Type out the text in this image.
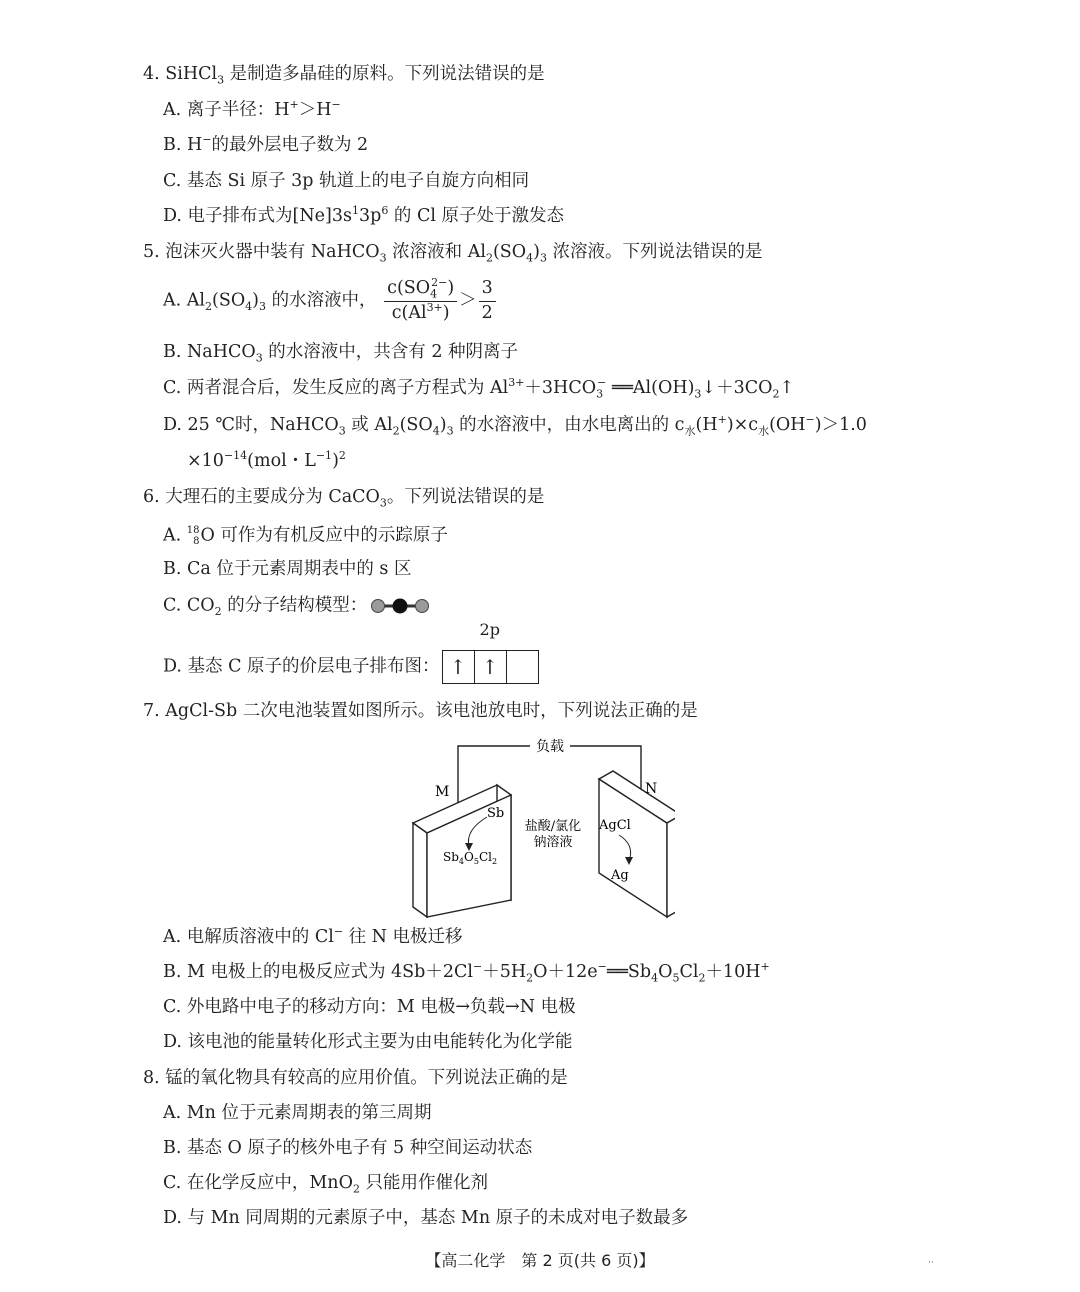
4. SiHCl$_3$ 是制造多晶硅的原料。下列说法错误的是
A. 离子半径：H+＞H−
B. H−的最外层电子数为 2
C. 基态 Si 原子 3p 轨道上的电子自旋方向相同
D. 电子排布式为$[Ne]3s^13p^6$ 的 Cl 原子处于激发态
5. 泡沫灭火器中装有 NaHCO$_3$ 浓溶液和 $Al_2(SO_4)_3$ 浓溶液。下列说法错误的是
A. $Al_2(SO_4)_3$ 的水溶液中， $\frac{c(SO_4^{2-})}{c(Al^{3+})} > \frac{3}{2}$
B. NaHCO$_3$ 的水溶液中，共含有 2 种阴离子
C. 两者混合后，发生反应的离子方程式为 $Al^{3+}+3HCO_3^-$ $══Al(OH)_3↓+3CO_2↑$
D. 25 ℃时，NaHCO$_3$ 或 $Al_2(SO_4)_3$ 的水溶液中，由水电离出的 $c_水(H^+)\times c_水(OH^-)>1.0$
$\times 10^{-14}(mol$・$L^{-1})^2$
6. 大理石的主要成分为 CaCO$_3$。下列说法错误的是
A. 18
8 O 可作为有机反应中的示踪原子
B. Ca 位于元素周期表中的 s 区
C. $CO_2$ 的分子结构模型：
D. 基态 C 原子的价层电子排布图：
2p
↑ ↑
7. AgCl-Sb 二次电池装置如图所示。该电池放电时，下列说法正确的是
负载
M
Sb
$Sb_4O_5Cl_2$
盐酸/氯化
钠溶液
N
AgCl
Ag
A. 电解质溶液中的 Cl− 往 N 电极迁移
B. M 电极上的电极反应式为 $4Sb+2Cl^-+5H_2O+12e^-══Sb_4O_5Cl_2+10H^+$
C. 外电路中电子的移动方向：M 电极→负载→N 电极
D. 该电池的能量转化形式主要为由电能转化为化学能
8. 锰的氧化物具有较高的应用价值。下列说法正确的是
A. Mn 位于元素周期表的第三周期
B. 基态 O 原子的核外电子有 5 种空间运动状态
C. 在化学反应中，MnO$_2$ 只能用作催化剂
D. 与 Mn 同周期的元素原子中，基态 Mn 原子的未成对电子数最多
【高二化学　第 2 页(共 6 页)】	··
